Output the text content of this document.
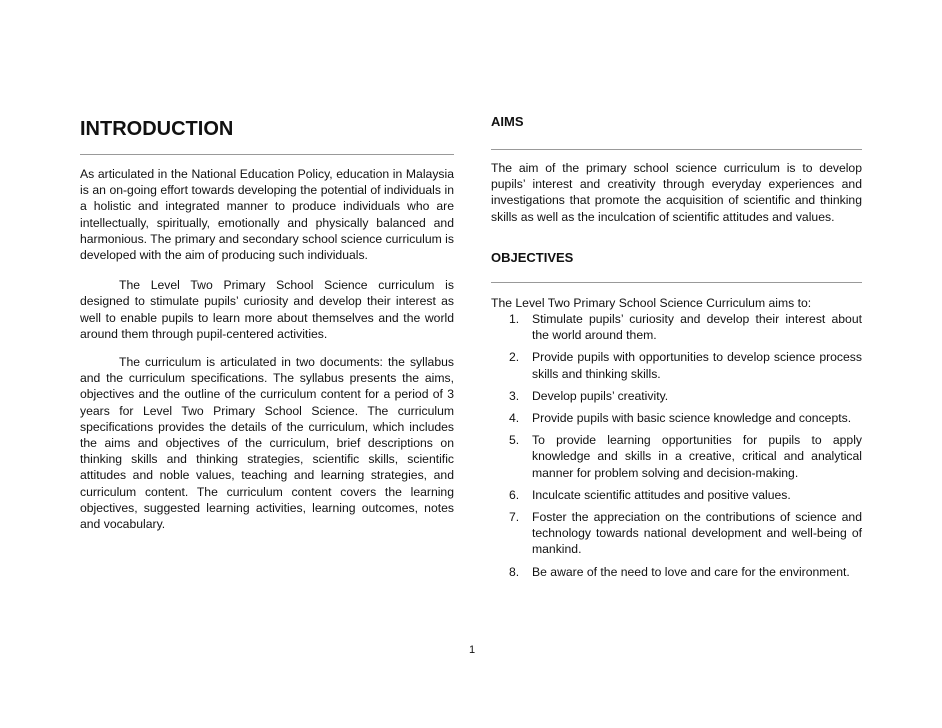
INTRODUCTION

As articulated in the National Education Policy, education in Malaysia is an on-going effort towards developing the potential of individuals in a holistic and integrated manner to produce individuals who are intellectually, spiritually, emotionally and physically balanced and harmonious. The primary and secondary school science curriculum is developed with the aim of producing such individuals.

The Level Two Primary School Science curriculum is designed to stimulate pupils’ curiosity and develop their interest as well to enable pupils to learn more about themselves and the world around them through pupil-centered activities.

The curriculum is articulated in two documents: the syllabus and the curriculum specifications. The syllabus presents the aims, objectives and the outline of the curriculum content for a period of 3 years for Level Two Primary School Science. The curriculum specifications provides the details of the curriculum, which includes the aims and objectives of the curriculum, brief descriptions on thinking skills and thinking strategies, scientific skills, scientific attitudes and noble values, teaching and learning strategies, and curriculum content. The curriculum content covers the learning objectives, suggested learning activities, learning outcomes, notes and vocabulary.

AIMS

The aim of the primary school science curriculum is to develop pupils’ interest and creativity through everyday experiences and investigations that promote the acquisition of scientific and thinking skills as well as the inculcation of scientific attitudes and values.

OBJECTIVES

The Level Two Primary School Science Curriculum aims to:

1. Stimulate pupils’ curiosity and develop their interest about the world around them.
2. Provide pupils with opportunities to develop science process skills and thinking skills.
3. Develop pupils’ creativity.
4. Provide pupils with basic science knowledge and concepts.
5. To provide learning opportunities for pupils to apply knowledge and skills in a creative, critical and analytical manner for problem solving and decision-making.
6. Inculcate scientific attitudes and positive values.
7. Foster the appreciation on the contributions of science and technology towards national development and well-being of mankind.
8. Be aware of the need to love and care for the environment.
1
